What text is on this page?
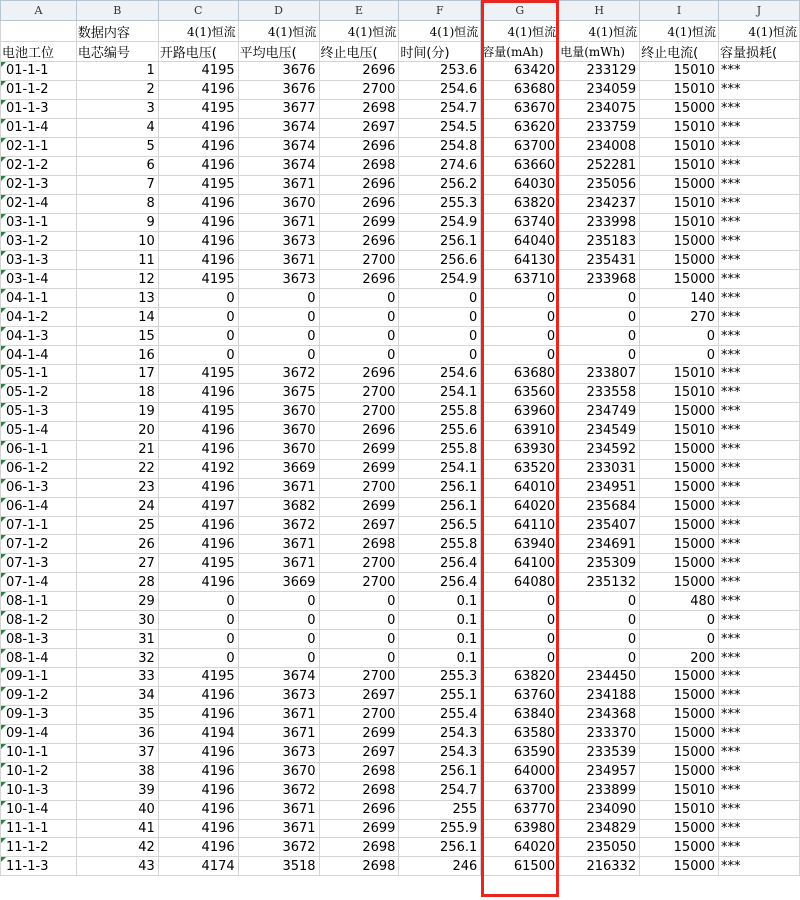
A	B	C	D	E	F	G	H	I	J
	数据内容	4(1)恒流	4(1)恒流	4(1)恒流	4(1)恒流	4(1)恒流	4(1)恒流	4(1)恒流	4(1)恒流
电池工位	电芯编号	开路电压(	平均电压(	终止电压(	时间(分)	容量(mAh)	电量(mWh)	终止电流(	容量损耗(
01-1-1	1	4195	3676	2696	253.6	63420	233129	15010	***
01-1-2	2	4196	3676	2700	254.6	63680	234059	15010	***
01-1-3	3	4195	3677	2698	254.7	63670	234075	15000	***
01-1-4	4	4196	3674	2697	254.5	63620	233759	15010	***
02-1-1	5	4196	3674	2696	254.8	63700	234008	15010	***
02-1-2	6	4196	3674	2698	274.6	63660	252281	15010	***
02-1-3	7	4195	3671	2696	256.2	64030	235056	15000	***
02-1-4	8	4196	3670	2696	255.3	63820	234237	15010	***
03-1-1	9	4196	3671	2699	254.9	63740	233998	15010	***
03-1-2	10	4196	3673	2696	256.1	64040	235183	15000	***
03-1-3	11	4196	3671	2700	256.6	64130	235431	15000	***
03-1-4	12	4195	3673	2696	254.9	63710	233968	15000	***
04-1-1	13	0	0	0	0	0	0	140	***
04-1-2	14	0	0	0	0	0	0	270	***
04-1-3	15	0	0	0	0	0	0	0	***
04-1-4	16	0	0	0	0	0	0	0	***
05-1-1	17	4195	3672	2696	254.6	63680	233807	15010	***
05-1-2	18	4196	3675	2700	254.1	63560	233558	15010	***
05-1-3	19	4195	3670	2700	255.8	63960	234749	15000	***
05-1-4	20	4196	3670	2696	255.6	63910	234549	15010	***
06-1-1	21	4196	3670	2699	255.8	63930	234592	15000	***
06-1-2	22	4192	3669	2699	254.1	63520	233031	15000	***
06-1-3	23	4196	3671	2700	256.1	64010	234951	15000	***
06-1-4	24	4197	3682	2699	256.1	64020	235684	15000	***
07-1-1	25	4196	3672	2697	256.5	64110	235407	15000	***
07-1-2	26	4196	3671	2698	255.8	63940	234691	15000	***
07-1-3	27	4195	3671	2700	256.4	64100	235309	15000	***
07-1-4	28	4196	3669	2700	256.4	64080	235132	15000	***
08-1-1	29	0	0	0	0.1	0	0	480	***
08-1-2	30	0	0	0	0.1	0	0	0	***
08-1-3	31	0	0	0	0.1	0	0	0	***
08-1-4	32	0	0	0	0.1	0	0	200	***
09-1-1	33	4195	3674	2700	255.3	63820	234450	15000	***
09-1-2	34	4196	3673	2697	255.1	63760	234188	15000	***
09-1-3	35	4196	3671	2700	255.4	63840	234368	15000	***
09-1-4	36	4194	3671	2699	254.3	63580	233370	15000	***
10-1-1	37	4196	3673	2697	254.3	63590	233539	15000	***
10-1-2	38	4196	3670	2698	256.1	64000	234957	15000	***
10-1-3	39	4196	3672	2698	254.7	63700	233899	15010	***
10-1-4	40	4196	3671	2696	255	63770	234090	15010	***
11-1-1	41	4196	3671	2699	255.9	63980	234829	15000	***
11-1-2	42	4196	3672	2698	256.1	64020	235050	15000	***
11-1-3	43	4174	3518	2698	246	61500	216332	15000	***
